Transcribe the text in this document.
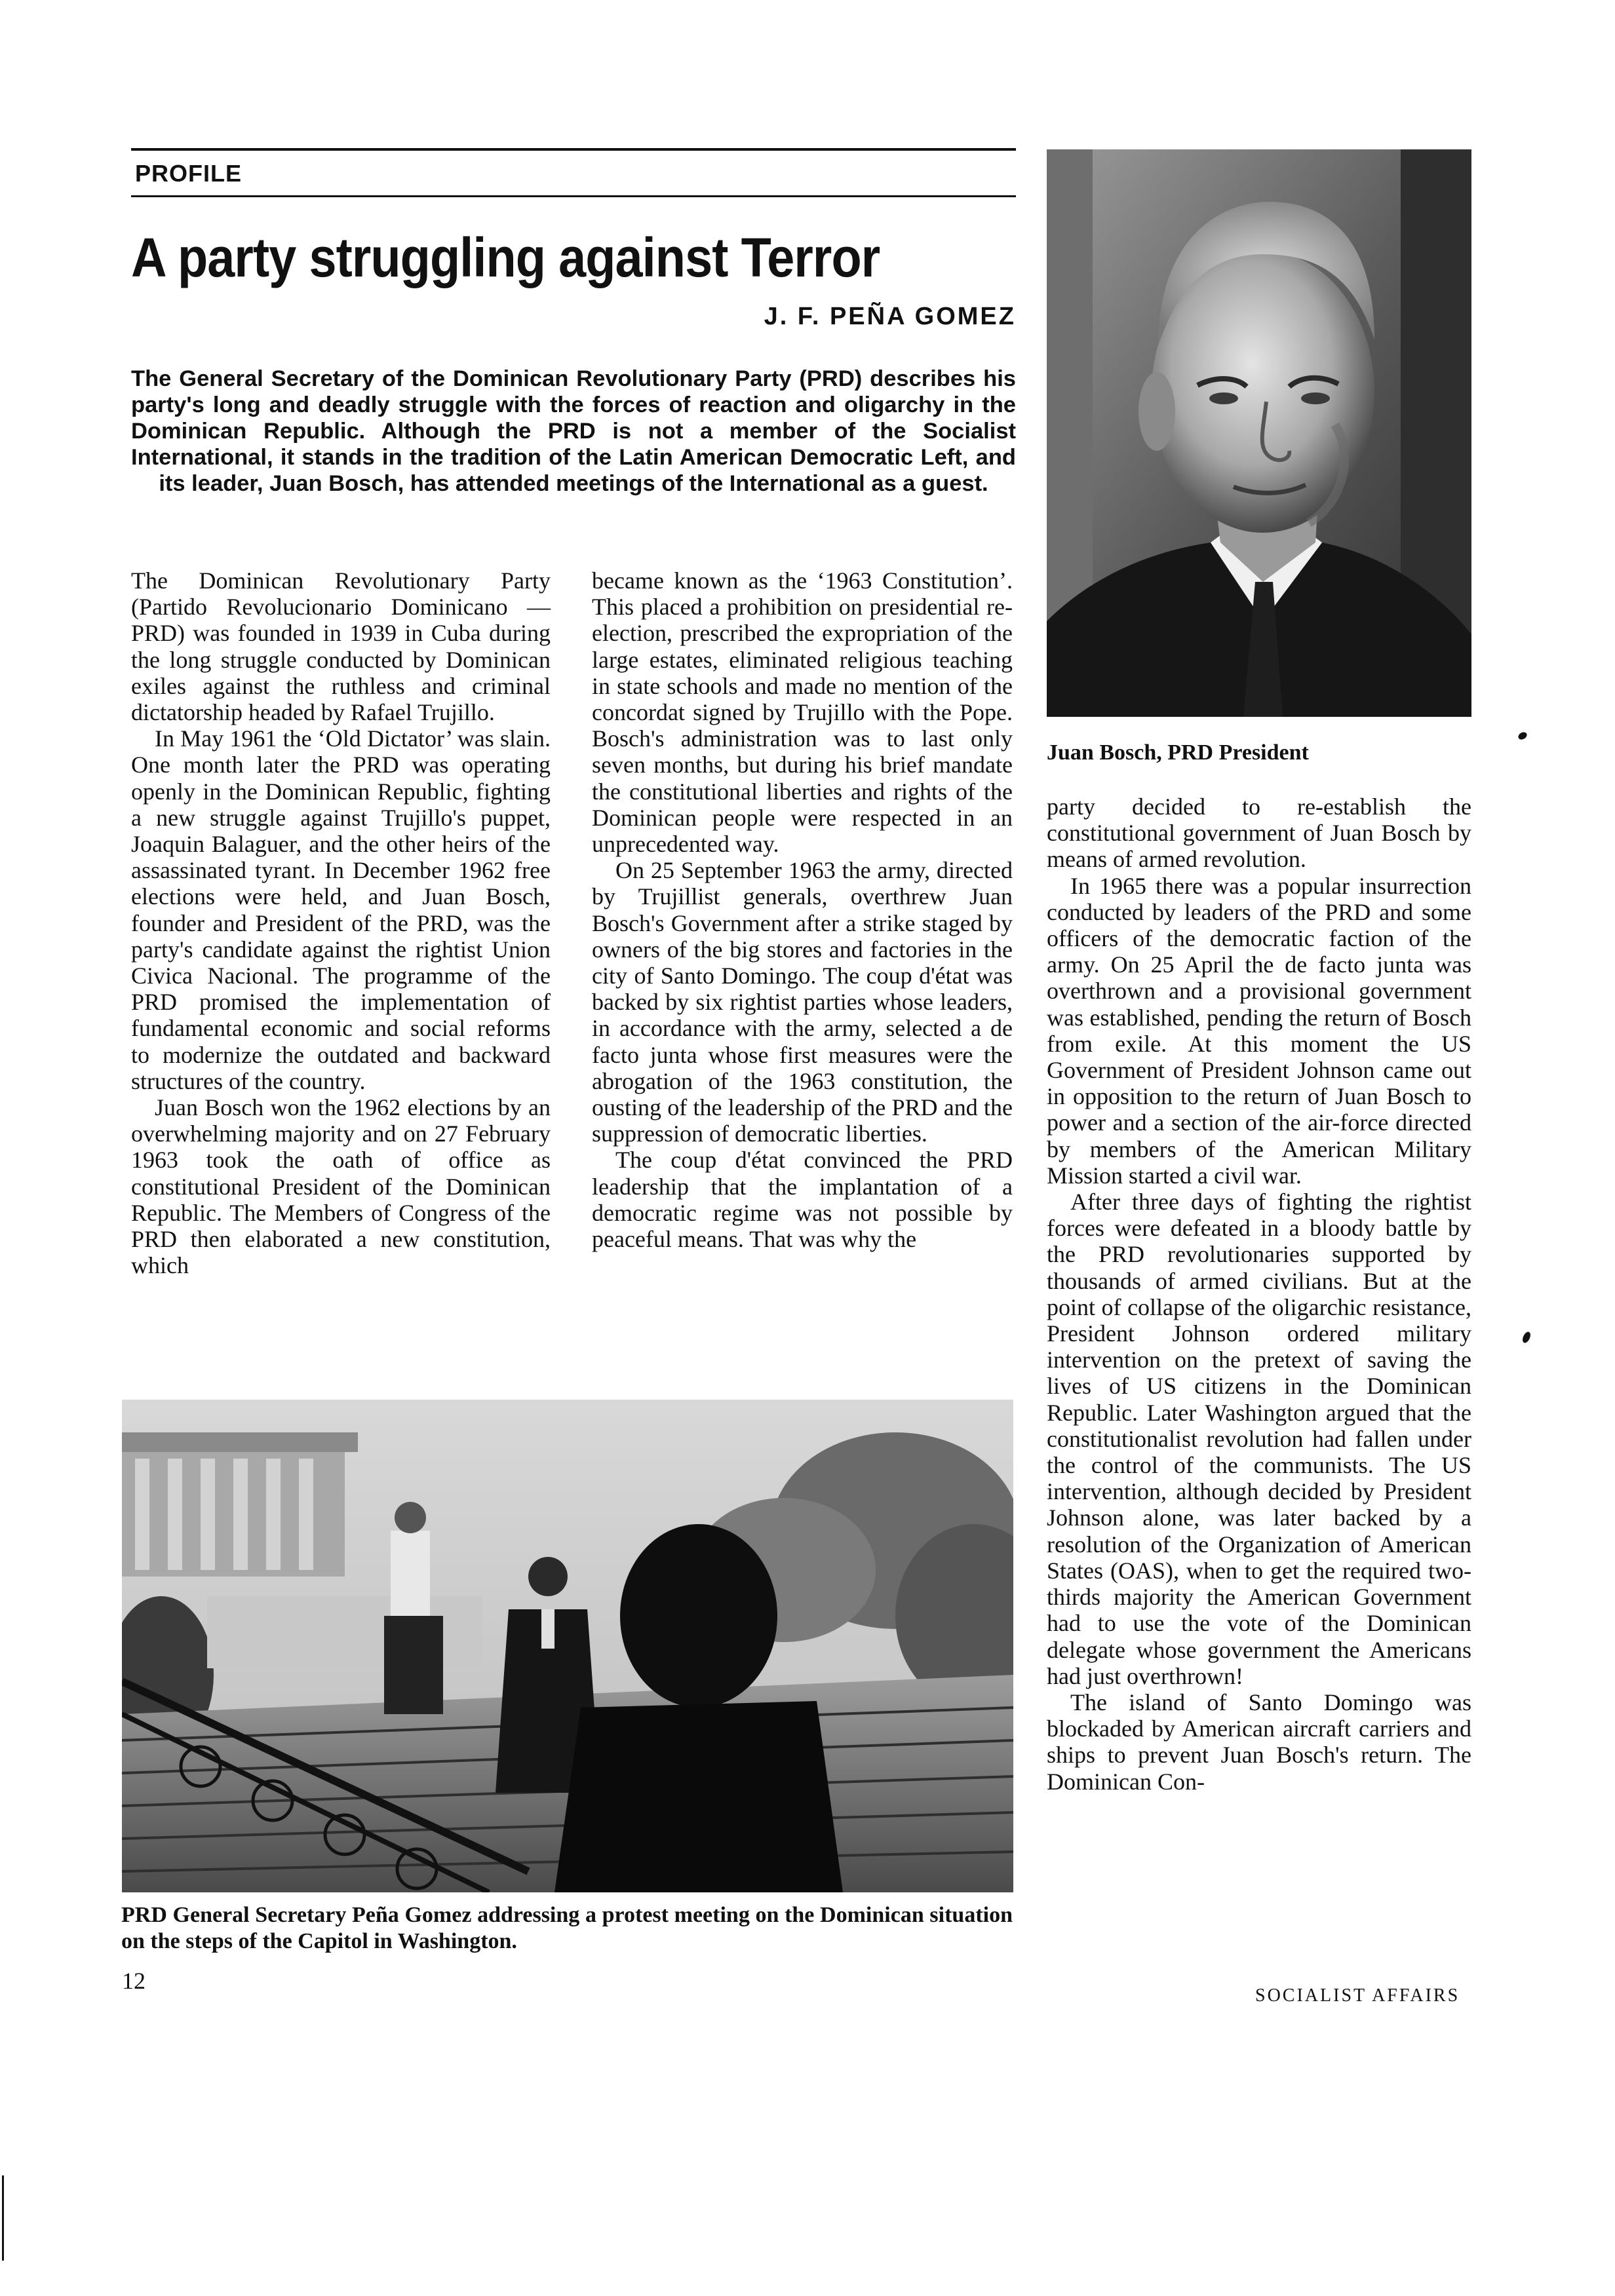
PROFILE
A party struggling against Terror
J. F. PEÑA GOMEZ
The General Secretary of the Dominican Revolutionary Party (PRD) describes his party's long and deadly struggle with the forces of reaction and oligarchy in the Dominican Republic. Although the PRD is not a member of the Socialist International, it stands in the tradition of the Latin American Democratic Left, and its leader, Juan Bosch, has attended meetings of the International as a guest.
Juan Bosch, PRD President

The Dominican Revolutionary Party (Partido Revolucionario Dominicano —PRD) was founded in 1939 in Cuba during the long struggle conducted by Dominican exiles against the ruthless and criminal dictatorship headed by Rafael Trujillo.

In May 1961 the ‘Old Dictator’ was slain. One month later the PRD was operating openly in the Dominican Republic, fighting a new struggle against Trujillo's puppet, Joaquin Balaguer, and the other heirs of the assassinated tyrant. In December 1962 free elections were held, and Juan Bosch, founder and President of the PRD, was the party's candidate against the rightist Union Civica Nacional. The programme of the PRD promised the implementation of fundamental economic and social reforms to modernize the outdated and backward structures of the country.

Juan Bosch won the 1962 elections by an overwhelming majority and on 27 February 1963 took the oath of office as constitutional President of the Dominican Republic. The Members of Congress of the PRD then elaborated a new constitution, which

became known as the ‘1963 Constitution’. This placed a prohibition on presidential re-election, prescribed the expropriation of the large estates, eliminated religious teaching in state schools and made no mention of the concordat signed by Trujillo with the Pope. Bosch's administration was to last only seven months, but during his brief mandate the constitutional liberties and rights of the Dominican people were respected in an unprecedented way.

On 25 September 1963 the army, directed by Trujillist generals, overthrew Juan Bosch's Government after a strike staged by owners of the big stores and factories in the city of Santo Domingo. The coup d'état was backed by six rightist parties whose leaders, in accordance with the army, selected a de facto junta whose first measures were the abrogation of the 1963 constitution, the ousting of the leadership of the PRD and the suppression of democratic liberties.

The coup d'état convinced the PRD leadership that the implantation of a democratic regime was not possible by peaceful means. That was why the

party decided to re-establish the constitutional government of Juan Bosch by means of armed revolution.

In 1965 there was a popular insurrection conducted by leaders of the PRD and some officers of the democratic faction of the army. On 25 April the de facto junta was overthrown and a provisional government was established, pending the return of Bosch from exile. At this moment the US Government of President Johnson came out in opposition to the return of Juan Bosch to power and a section of the air-force directed by members of the American Military Mission started a civil war.

After three days of fighting the rightist forces were defeated in a bloody battle by the PRD revolutionaries supported by thousands of armed civilians. But at the point of collapse of the oligarchic resistance, President Johnson ordered military intervention on the pretext of saving the lives of US citizens in the Dominican Republic. Later Washington argued that the constitutionalist revolution had fallen under the control of the communists. The US intervention, although decided by President Johnson alone, was later backed by a resolution of the Organization of American States (OAS), when to get the required two-thirds majority the American Government had to use the vote of the Dominican delegate whose government the Americans had just overthrown!

The island of Santo Domingo was blockaded by American aircraft carriers and ships to prevent Juan Bosch's return. The Dominican Con-

PRD General Secretary Peña Gomez addressing a protest meeting on the Dominican situation on the steps of the Capitol in Washington.
12
SOCIALIST AFFAIRS
